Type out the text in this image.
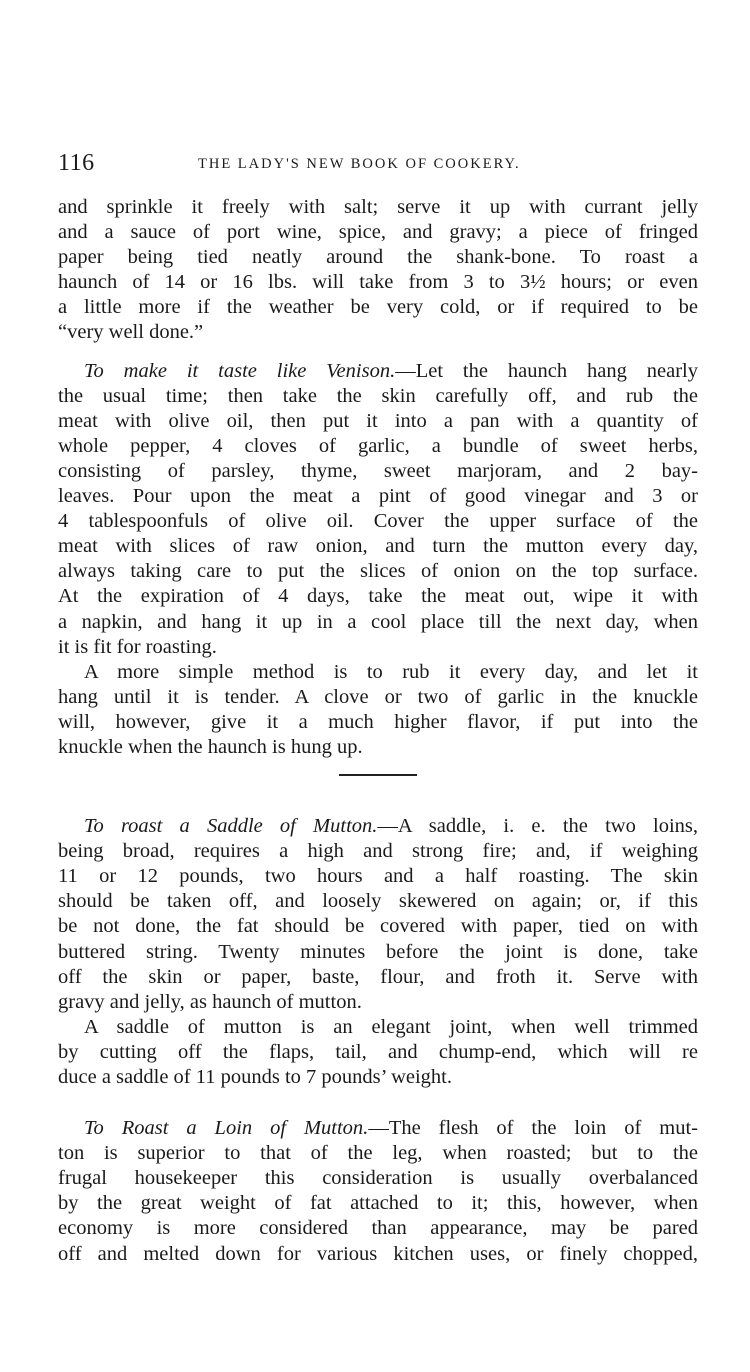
116	THE LADY'S NEW BOOK OF COOKERY.
and sprinkle it freely with salt; serve it up with currant jelly
and a sauce of port wine, spice, and gravy; a piece of fringed
paper being tied neatly around the shank-bone. To roast a
haunch of 14 or 16 lbs. will take from 3 to 3½ hours; or even
a little more if the weather be very cold, or if required to be
“very well done.”
To make it taste like Venison.—Let the haunch hang nearly
the usual time; then take the skin carefully off, and rub the
meat with olive oil, then put it into a pan with a quantity of
whole pepper, 4 cloves of garlic, a bundle of sweet herbs,
consisting of parsley, thyme, sweet marjoram, and 2 bay-
leaves. Pour upon the meat a pint of good vinegar and 3 or
4 tablespoonfuls of olive oil. Cover the upper surface of the
meat with slices of raw onion, and turn the mutton every day,
always taking care to put the slices of onion on the top surface.
At the expiration of 4 days, take the meat out, wipe it with
a napkin, and hang it up in a cool place till the next day, when
it is fit for roasting.
A more simple method is to rub it every day, and let it
hang until it is tender. A clove or two of garlic in the knuckle
will, however, give it a much higher flavor, if put into the
knuckle when the haunch is hung up.
To roast a Saddle of Mutton.—A saddle, i. e. the two loins,
being broad, requires a high and strong fire; and, if weighing
11 or 12 pounds, two hours and a half roasting. The skin
should be taken off, and loosely skewered on again; or, if this
be not done, the fat should be covered with paper, tied on with
buttered string. Twenty minutes before the joint is done, take
off the skin or paper, baste, flour, and froth it. Serve with
gravy and jelly, as haunch of mutton.
A saddle of mutton is an elegant joint, when well trimmed
by cutting off the flaps, tail, and chump-end, which will re
duce a saddle of 11 pounds to 7 pounds’ weight.
To Roast a Loin of Mutton.—The flesh of the loin of mut-
ton is superior to that of the leg, when roasted; but to the
frugal housekeeper this consideration is usually overbalanced
by the great weight of fat attached to it; this, however, when
economy is more considered than appearance, may be pared
off and melted down for various kitchen uses, or finely chopped,
